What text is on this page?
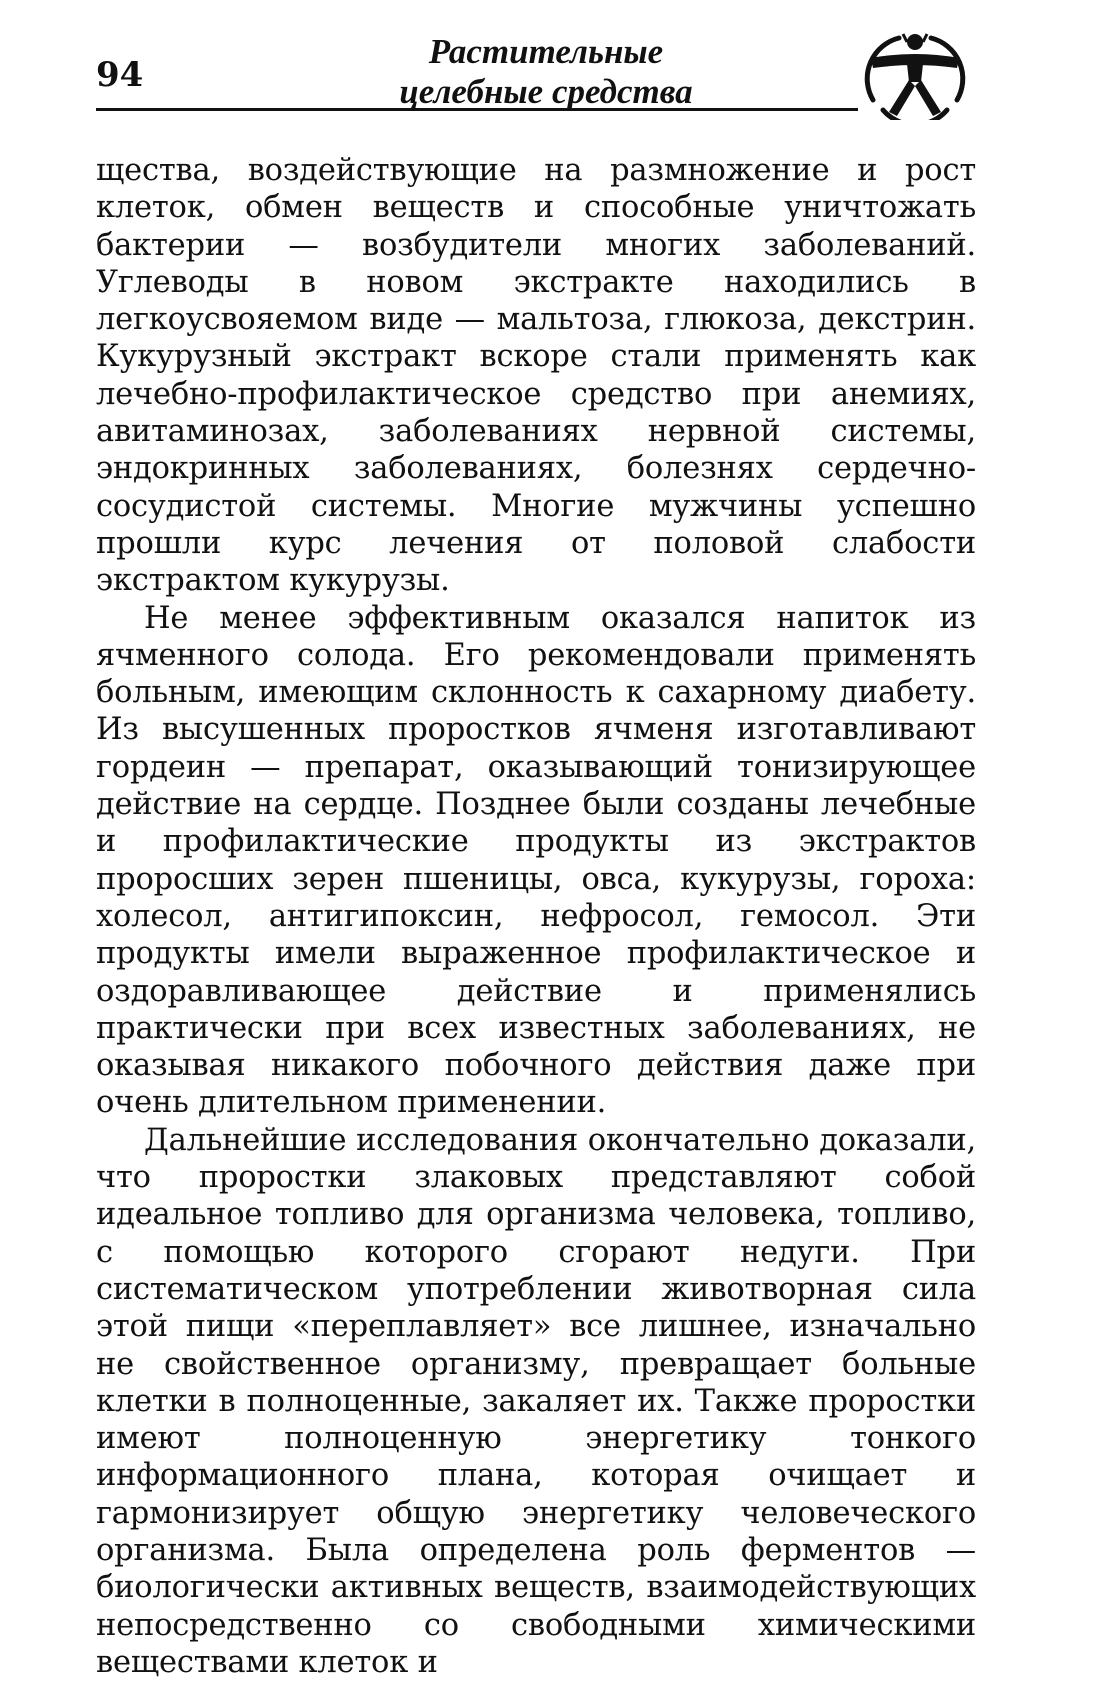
94
Растительные
целебные средства

щества, воздействующие на размножение и рост клеток, обмен веществ и способные уничтожать бактерии — возбудители многих заболеваний. Углеводы в новом экстракте находились в легкоусвояемом виде — мальтоза, глюкоза, декстрин. Кукурузный экстракт вскоре стали применять как лечебно-профилактическое средство при анемиях, авитаминозах, заболеваниях нервной системы, эндокринных заболеваниях, болезнях сердечно-сосудистой системы. Многие мужчины успешно прошли курс лечения от половой слабости экстрактом кукурузы.

Не менее эффективным оказался напиток из ячменного солода. Его рекомендовали применять больным, имеющим склонность к сахарному диабету. Из высушенных проростков ячменя изготавливают гордеин — препарат, оказывающий тонизирующее действие на сердце. Позднее были созданы лечебные и профилактические продукты из экстрактов проросших зерен пшеницы, овса, кукурузы, гороха: холесол, антигипоксин, нефросол, гемосол. Эти продукты имели выраженное профилактическое и оздоравливающее действие и применялись практически при всех известных заболеваниях, не оказывая никакого побочного действия даже при очень длительном применении.

Дальнейшие исследования окончательно доказали, что проростки злаковых представляют собой идеальное топливо для организма человека, топливо, с помощью которого сгорают недуги. При систематическом употреблении животворная сила этой пищи «переплавляет» все лишнее, изначально не свойственное организму, превращает больные клетки в полноценные, закаляет их. Также проростки имеют полноценную энергетику тонкого информационного плана, которая очищает и гармонизирует общую энергетику человеческого организма. Была определена роль ферментов — биологически активных веществ, взаимодействующих непосредственно со свободными химическими веществами клеток и
